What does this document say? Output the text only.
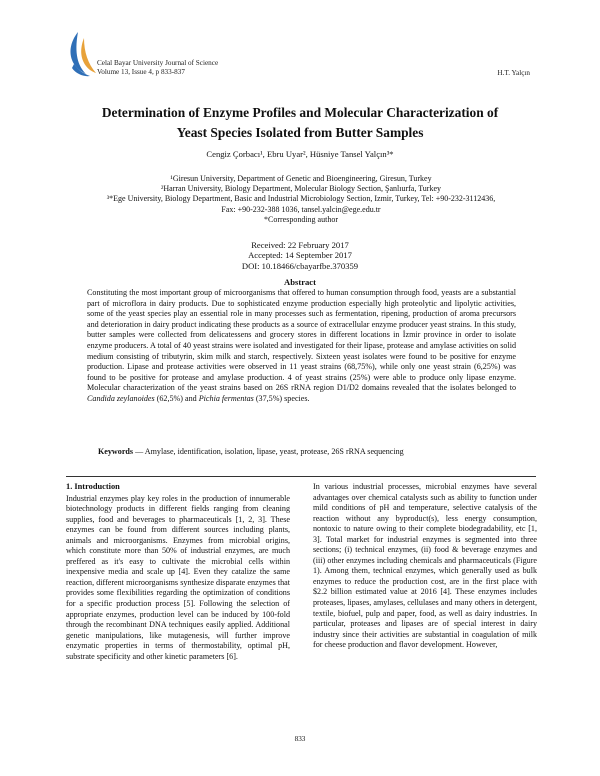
Celal Bayar University Journal of Science
Volume 13, Issue 4, p 833-837	H.T. Yalçın
Determination of Enzyme Profiles and Molecular Characterization of
Yeast Species Isolated from Butter Samples
Cengiz Çorbacı¹, Ebru Uyar², Hüsniye Tansel Yalçın³*
¹Giresun University, Department of Genetic and Bioengineering, Giresun, Turkey
²Harran University, Biology Department, Molecular Biology Section, Şanlıurfa, Turkey
³*Ege University, Biology Department, Basic and Industrial Microbiology Section, Izmir, Turkey, Tel: +90-232-3112436,
Fax: +90-232-388 1036, tansel.yalcin@ege.edu.tr
*Corresponding author
Received: 22 February 2017
Accepted: 14 September 2017
DOI: 10.18466/cbayarfbe.370359
Abstract
Constituting the most important group of microorganisms that offered to human consumption through food, yeasts are a substantial part of microflora in dairy products. Due to sophisticated enzyme production especially high proteolytic and lipolytic activities, some of the yeast species play an essential role in many processes such as fermentation, ripening, production of aroma precursors and deterioration in dairy product indicating these products as a source of extracellular enzyme producer yeast strains. In this study, butter samples were collected from delicatessens and grocery stores in different locations in İzmir province in order to isolate enzyme producers. A total of 40 yeast strains were isolated and investigated for their lipase, protease and amylase activities on solid medium consisting of tributyrin, skim milk and starch, respectively. Sixteen yeast isolates were found to be positive for enzyme production. Lipase and protease activities were observed in 11 yeast strains (68,75%), while only one yeast strain (6,25%) was found to be positive for protease and amylase production. 4 of yeast strains (25%) were able to produce only lipase enzyme. Molecular characterization of the yeast strains based on 26S rRNA region D1/D2 domains revealed that the isolates belonged to Candida zeylanoides (62,5%) and Pichia fermentas (37,5%) species.
Keywords — Amylase, identification, isolation, lipase, yeast, protease, 26S rRNA sequencing
1. Introduction
Industrial enzymes play key roles in the production of innumerable biotechnology products in different fields ranging from cleaning supplies, food and beverages to pharmaceuticals [1, 2, 3]. These enzymes can be found from different sources including plants, animals and microorganisms. Enzymes from microbial origins, which constitute more than 50% of industrial enzymes, are much preffered as it's easy to cultivate the microbial cells within inexpensive media and scale up [4]. Even they catalize the same reaction, different microorganisms synthesize disparate enzymes that provides some flexibilities regarding the optimization of conditions for a specific production process [5]. Following the selection of appropriate enzymes, production level can be induced by 100-fold through the recombinant DNA techniques easily applied. Additional genetic manipulations, like mutagenesis, will further improve enzymatic properties in terms of thermostability, optimal pH, substrate specificity and other kinetic parameters [6].
In various industrial processes, microbial enzymes have several advantages over chemical catalysts such as ability to function under mild conditions of pH and temperature, selective catalysis of the reaction without any byproduct(s), less energy consumption, nontoxic to nature owing to their complete biodegradability, etc [1, 3]. Total market for industrial enzymes is segmented into three sections; (i) technical enzymes, (ii) food & beverage enzymes and (iii) other enzymes including chemicals and pharmaceuticals (Figure 1). Among them, technical enzymes, which generally used as bulk enzymes to reduce the production cost, are in the first place with $2.2 billion estimated value at 2016 [4]. These enzymes includes proteases, lipases, amylases, cellulases and many others in detergent, textile, biofuel, pulp and paper, food, as well as dairy industries. In particular, proteases and lipases are of special interest in dairy industry since their activities are substantial in coagulation of milk for cheese production and flavor development. However,
833
